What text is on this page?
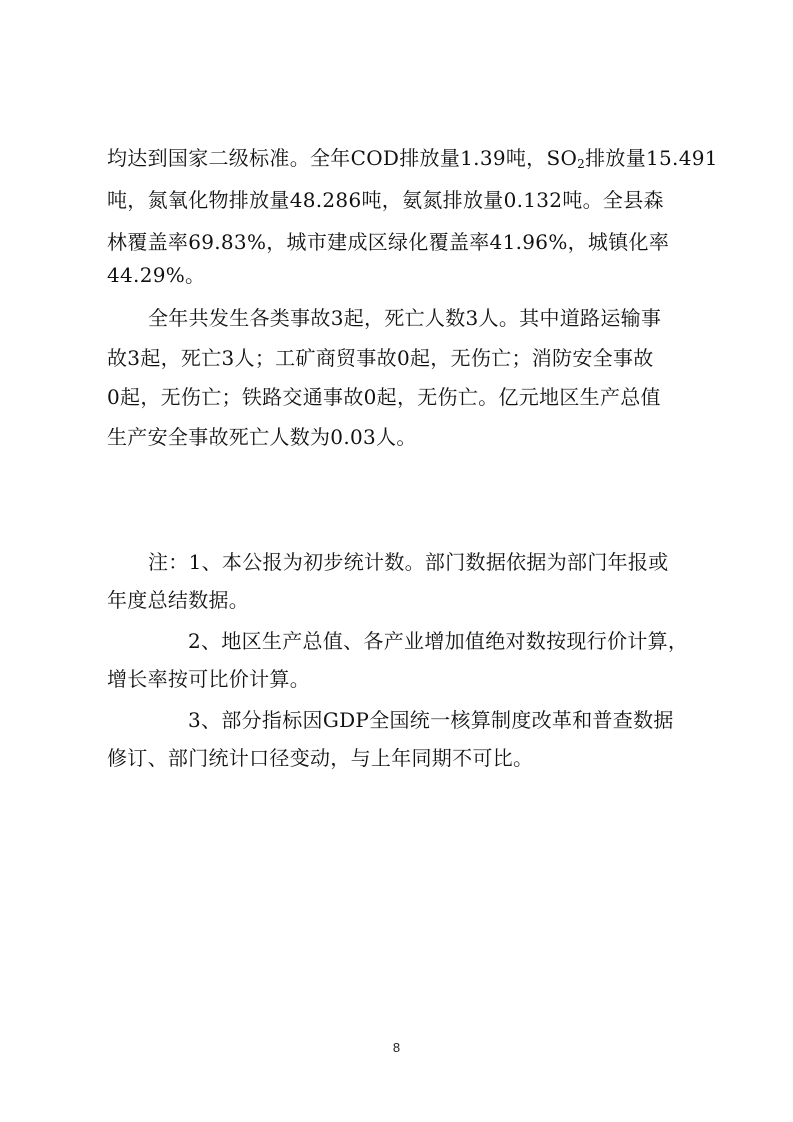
均达到国家二级标准。全年COD排放量1.39吨，$SO_2$排放量15.491
吨，氮氧化物排放量48.286吨，氨氮排放量0.132吨。全县森
林覆盖率69.83%，城市建成区绿化覆盖率41.96%，城镇化率
44.29%。
全年共发生各类事故3起，死亡人数3人。其中道路运输事
故3起，死亡3人；工矿商贸事故0起，无伤亡；消防安全事故
0起，无伤亡；铁路交通事故0起，无伤亡。亿元地区生产总值
生产安全事故死亡人数为0.03人。
注：1、本公报为初步统计数。部门数据依据为部门年报或
年度总结数据。
2、地区生产总值、各产业增加值绝对数按现行价计算，
增长率按可比价计算。
3、部分指标因GDP全国统一核算制度改革和普查数据
修订、部门统计口径变动，与上年同期不可比。
8
